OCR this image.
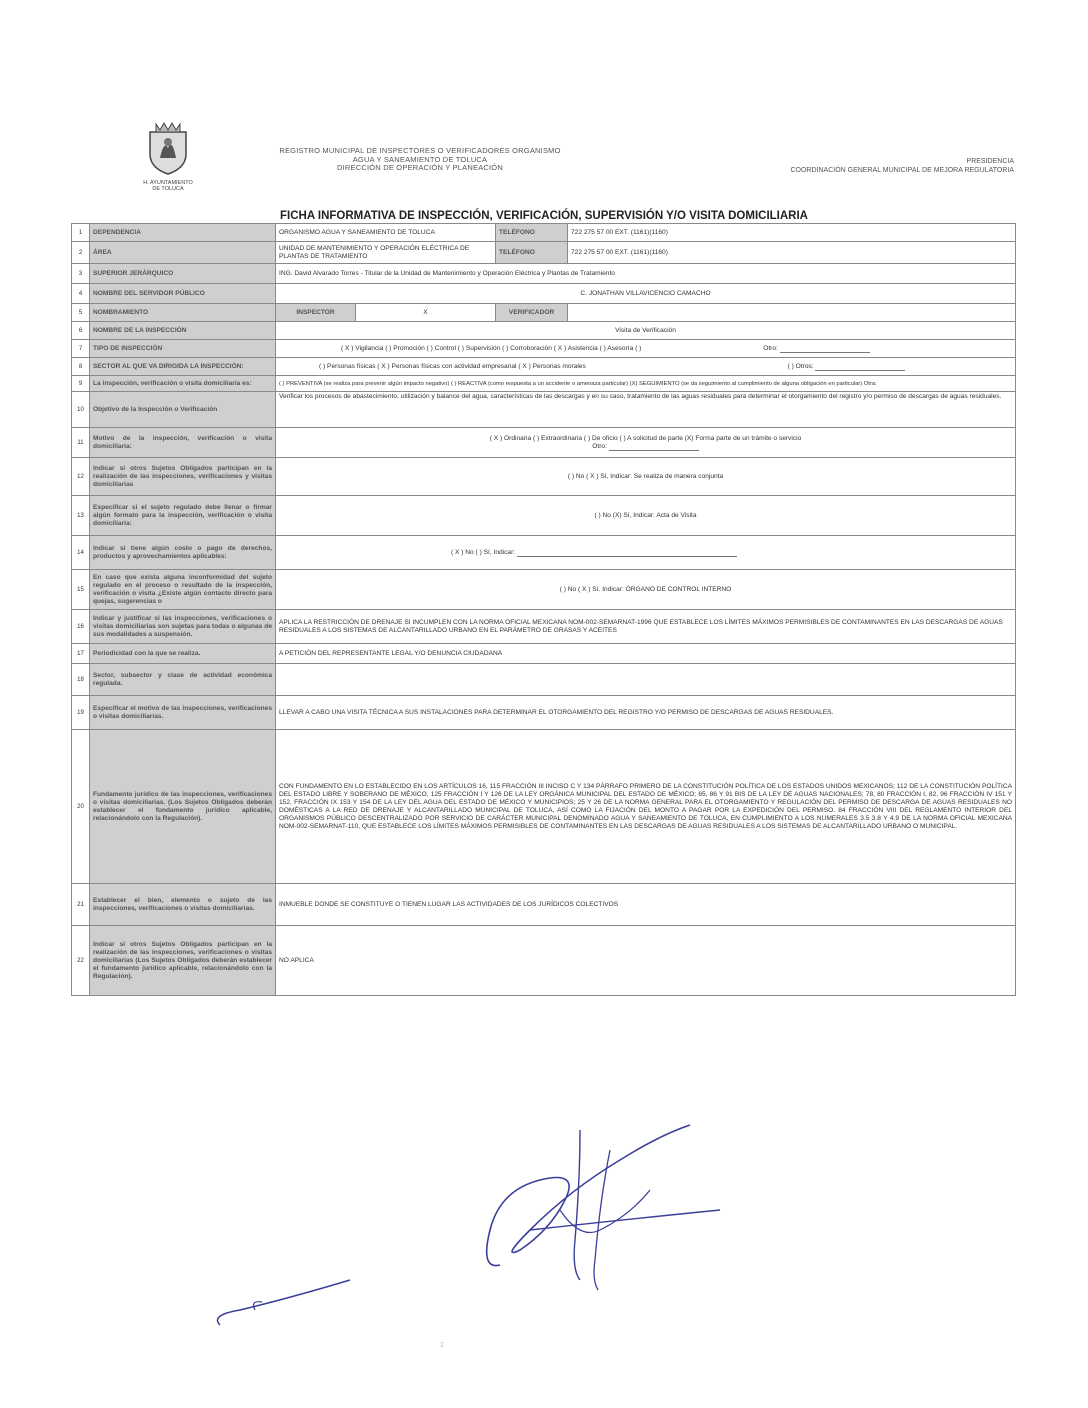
H. AYUNTAMIENTO
DE TOLUCA
REGISTRO MUNICIPAL DE INSPECTORES O VERIFICADORES ORGANISMO
AGUA Y SANEAMIENTO DE TOLUCA
DIRECCIÓN DE OPERACIÓN Y PLANEACIÓN
PRESIDENCIA
COORDINACIÓN GENERAL MUNICIPAL DE MEJORA REGULATORIA
FICHA INFORMATIVA DE INSPECCIÓN, VERIFICACIÓN, SUPERVISIÓN Y/O VISITA DOMICILIARIA
1	DEPENDENCIA	ORGANISMO AGUA Y SANEAMIENTO DE TOLUCA		TELÉFONO	722 275 57 00 EXT. (1161)(1160)
2	ÁREA	UNIDAD DE MANTENIMIENTO Y OPERACIÓN ELÉCTRICA DE PLANTAS DE TRATAMIENTO		TELÉFONO	722 275 57 00 EXT. (1161)(1160)
3	SUPERIOR JERÁRQUICO	ING. David Alvarado Torres - Titular de la Unidad de Mantenimiento y Operación Eléctrica y Plantas de Tratamiento			
4	NOMBRE DEL SERVIDOR PÚBLICO	C. JONATHAN VILLAVICENCIO CAMACHO			
5	NOMBRAMIENTO	INSPECTOR	X	VERIFICADOR	
6	NOMBRE DE LA INSPECCIÓN	Visita de Verificación			
7	TIPO DE INSPECCIÓN	( X ) Vigilancia ( ) Promoción ( ) Control ( ) Supervisión ( ) Corroboración ( X ) Asistencia ( ) Asesoría ( ) Otro:			
8	SECTOR AL QUE VA DIRIGIDA LA INSPECCIÓN:	( ) Personas físicas ( X ) Personas físicas con actividad empresarial ( X ) Personas morales ( ) Otros:			
9	La inspección, verificación o visita domiciliaria es:	( ) PREVENTIVA (se realiza para prevenir algún impacto negativo) ( ) REACTIVA (como respuesta a un accidente o amenaza particular) (X) SEGUIMIENTO (se da seguimiento al cumplimiento de alguna obligación en particular) Otra:			
10	Objetivo de la Inspección o Verificación	Verificar los procesos de abastecimiento, utilización y balance del agua, características de las descargas y en su caso, tratamiento de las aguas residuales para determinar el otorgamiento del registro y/o permiso de descargas de aguas residuales.			
11	Motivo de la inspección, verificación o visita domiciliaria:	( X ) Ordinaria ( ) Extraordinaria ( ) De oficio ( ) A solicitud de parte (X) Forma parte de un trámite o servicio
Otro:			

12	Indicar si otros Sujetos Obligados participan en la realización de las inspecciones, verificaciones y visitas domiciliarias	( ) No ( X ) Sí, Indicar: Se realiza de manera conjunta			
13	Especificar si el sujeto regulado debe llenar o firmar algún formato para la inspección, verificación o visita domiciliaria:	( ) No (X) Sí, Indicar: Acta de Visita			
14	Indicar si tiene algún costo o pago de derechos, productos y aprovechamientos aplicables:	( X ) No ( ) Sí, Indicar:			
15	En caso que exista alguna inconformidad del sujeto regulado en el proceso o resultado de la inspección, verificación o visita ¿Existe algún contacto directo para quejas, sugerencias o	( ) No ( X ) Sí. Indicar: ÓRGANO DE CONTROL INTERNO			
16	Indicar y justificar si las inspecciones, verificaciones o visitas domiciliarias son sujetas para todas o algunas de sus modalidades a suspensión.	APLICA LA RESTRICCIÓN DE DRENAJE SI INCUMPLEN CON LA NORMA OFICIAL MEXICANA NOM-002-SEMARNAT-1996 QUE ESTABLECE LOS LÍMITES MÁXIMOS PERMISIBLES DE CONTAMINANTES EN LAS DESCARGAS DE AGUAS RESIDUALES A LOS SISTEMAS DE ALCANTARILLADO URBANO EN EL PARÁMETRO DE GRASAS Y ACEITES			
17	Periodicidad con la que se realiza.	A PETICIÓN DEL REPRESENTANTE LEGAL Y/O DENUNCIA CIUDADANA			
18	Sector, subsector y clase de actividad económica regulada.				
19	Especificar el motivo de las inspecciones, verificaciones o visitas domiciliarias.	LLEVAR A CABO UNA VISITA TÉCNICA A SUS INSTALACIONES PARA DETERMINAR EL OTORGAMIENTO DEL REGISTRO Y/O PERMISO DE DESCARGAS DE AGUAS RESIDUALES.			
20	Fundamento jurídico de las inspecciones, verificaciones o visitas domiciliarias. (Los Sujetos Obligados deberán establecer el fundamento jurídico aplicable, relacionándolo con la Regulación).	CON FUNDAMENTO EN LO ESTABLECIDO EN LOS ARTÍCULOS 16, 115 FRACCIÓN III INCISO C Y 134 PÁRRAFO PRIMERO DE LA CONSTITUCIÓN POLÍTICA DE LOS ESTADOS UNIDOS MEXICANOS; 112 DE LA CONSTITUCIÓN POLÍTICA DEL ESTADO LIBRE Y SOBERANO DE MÉXICO, 125 FRACCIÓN I Y 126 DE LA LEY ORGÁNICA MUNICIPAL DEL ESTADO DE MÉXICO; 65, 86 Y 91 BIS DE LA LEY DE AGUAS NACIONALES; 78, 80 FRACCIÓN I, 82, 96 FRACCIÓN IV 151 Y 152, FRACCIÓN IX 153 Y 154 DE LA LEY DEL AGUA DEL ESTADO DE MÉXICO Y MUNICIPIOS; 25 Y 26 DE LA NORMA GENERAL PARA EL OTORGAMIENTO Y REGULACIÓN DEL PERMISO DE DESCARGA DE AGUAS RESIDUALES NO DOMÉSTICAS A LA RED DE DRENAJE Y ALCANTARILLADO MUNICIPAL DE TOLUCA, ASÍ COMO LA FIJACIÓN DEL MONTO A PAGAR POR LA EXPEDICIÓN DEL PERMISO. 84 FRACCIÓN VIII DEL REGLAMENTO INTERIOR DEL ORGANISMOS PÚBLICO DESCENTRALIZADO POR SERVICIO DE CARÁCTER MUNICIPAL DENOMINADO AGUA Y SANEAMIENTO DE TOLUCA, EN CUMPLIMIENTO A LOS NUMERALES 3.5 3.8 Y 4.9 DE LA NORMA OFICIAL MEXICANA NOM-002-SEMARNAT-110, QUE ESTABLECE LOS LÍMITES MÁXIMOS PERMISIBLES DE CONTAMINANTES EN LAS DESCARGAS DE AGUAS RESIDUALES A LOS SISTEMAS DE ALCANTARILLADO URBANO O MUNICIPAL.			
21	Establecer el bien, elemento o sujeto de las inspecciones, verificaciones o visitas domiciliarias.	INMUEBLE DONDE SE CONSTITUYE O TIENEN LUGAR LAS ACTIVIDADES DE LOS JURÍDICOS COLECTIVOS			
22	Indicar si otros Sujetos Obligados participan en la realización de las inspecciones, verificaciones o visitas domiciliarias (Los Sujetos Obligados deberán establecer el fundamento jurídico aplicable, relacionándolo con la Regulación).	NO APLICA			
2
